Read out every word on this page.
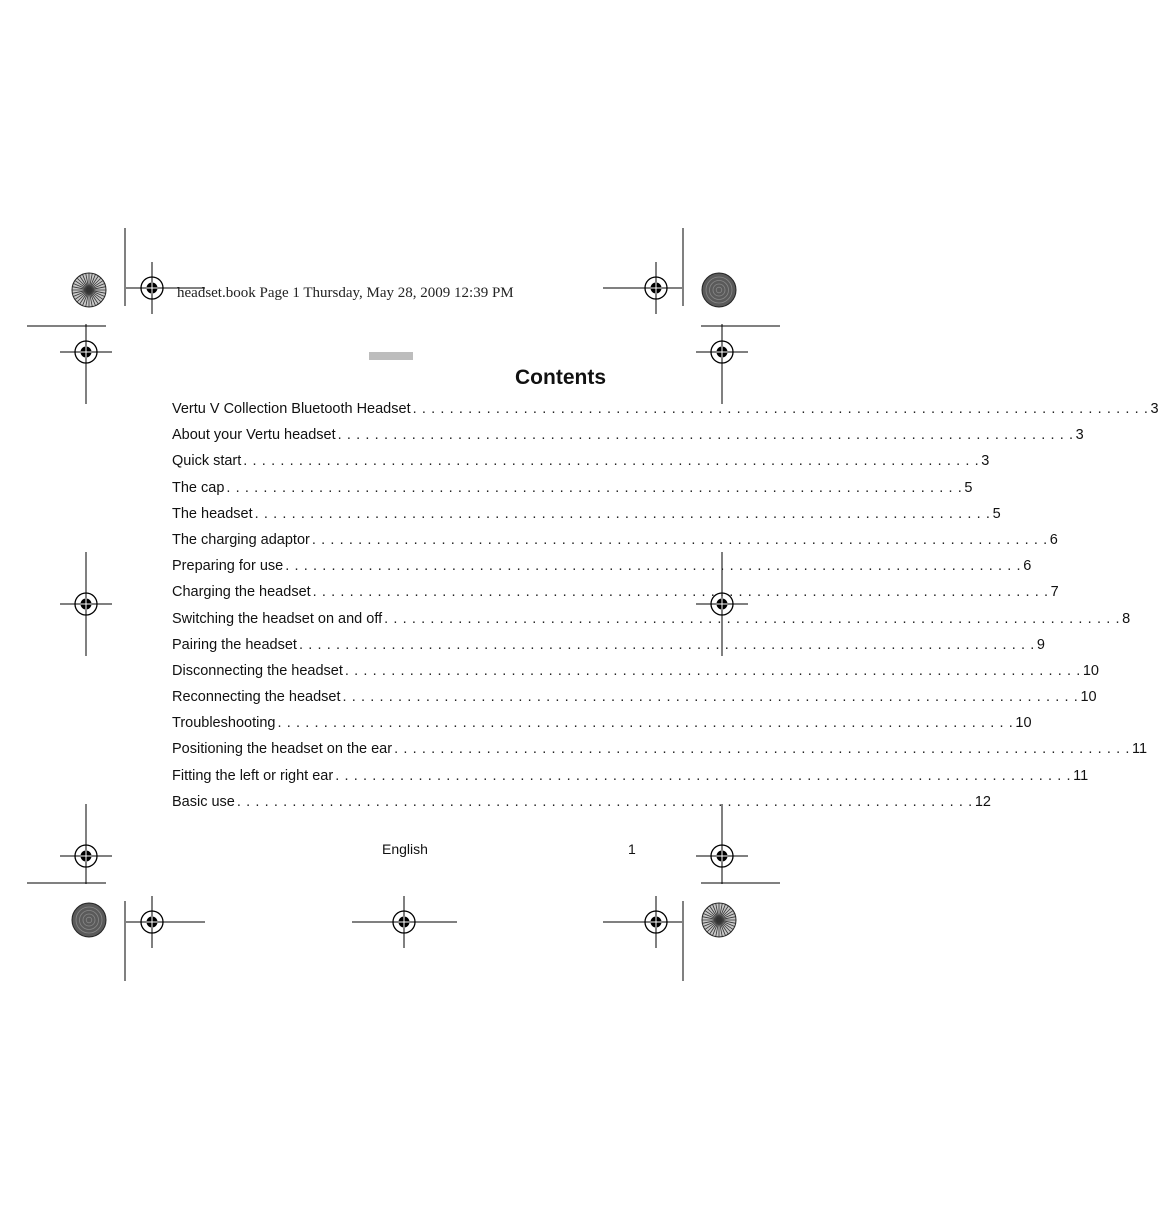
headset.book Page 1 Thursday, May 28, 2009 12:39 PM
Contents
Vertu V Collection Bluetooth Headset . . . . . . . . . . . . . . . . . . . . . . . . . . . . . . . . . . . . . . . . . . . . . . . . . . . . . . . . . . . . . . . . . . . . . . . . . . . . . . . . 3
About your Vertu headset . . . . . . . . . . . . . . . . . . . . . . . . . . . . . . . . . . . . . . . . . . . . . . . . . . . . . . . . . . . . . . . . . . . . . . . . . . . . . . . . 3
Quick start . . . . . . . . . . . . . . . . . . . . . . . . . . . . . . . . . . . . . . . . . . . . . . . . . . . . . . . . . . . . . . . . . . . . . . . . . . . . . . . . 3
The cap . . . . . . . . . . . . . . . . . . . . . . . . . . . . . . . . . . . . . . . . . . . . . . . . . . . . . . . . . . . . . . . . . . . . . . . . . . . . . . . . 5
The headset . . . . . . . . . . . . . . . . . . . . . . . . . . . . . . . . . . . . . . . . . . . . . . . . . . . . . . . . . . . . . . . . . . . . . . . . . . . . . . . . 5
The charging adaptor . . . . . . . . . . . . . . . . . . . . . . . . . . . . . . . . . . . . . . . . . . . . . . . . . . . . . . . . . . . . . . . . . . . . . . . . . . . . . . . . 6
Preparing for use . . . . . . . . . . . . . . . . . . . . . . . . . . . . . . . . . . . . . . . . . . . . . . . . . . . . . . . . . . . . . . . . . . . . . . . . . . . . . . . . 6
Charging the headset . . . . . . . . . . . . . . . . . . . . . . . . . . . . . . . . . . . . . . . . . . . . . . . . . . . . . . . . . . . . . . . . . . . . . . . . . . . . . . . . 7
Switching the headset on and off . . . . . . . . . . . . . . . . . . . . . . . . . . . . . . . . . . . . . . . . . . . . . . . . . . . . . . . . . . . . . . . . . . . . . . . . . . . . . . . . 8
Pairing the headset . . . . . . . . . . . . . . . . . . . . . . . . . . . . . . . . . . . . . . . . . . . . . . . . . . . . . . . . . . . . . . . . . . . . . . . . . . . . . . . . 9
Disconnecting the headset . . . . . . . . . . . . . . . . . . . . . . . . . . . . . . . . . . . . . . . . . . . . . . . . . . . . . . . . . . . . . . . . . . . . . . . . . . . . . . . . 10
Reconnecting the headset . . . . . . . . . . . . . . . . . . . . . . . . . . . . . . . . . . . . . . . . . . . . . . . . . . . . . . . . . . . . . . . . . . . . . . . . . . . . . . . . 10
Troubleshooting . . . . . . . . . . . . . . . . . . . . . . . . . . . . . . . . . . . . . . . . . . . . . . . . . . . . . . . . . . . . . . . . . . . . . . . . . . . . . . . . 10
Positioning the headset on the ear . . . . . . . . . . . . . . . . . . . . . . . . . . . . . . . . . . . . . . . . . . . . . . . . . . . . . . . . . . . . . . . . . . . . . . . . . . . . . . . . 11
Fitting the left or right ear . . . . . . . . . . . . . . . . . . . . . . . . . . . . . . . . . . . . . . . . . . . . . . . . . . . . . . . . . . . . . . . . . . . . . . . . . . . . . . . . 11
Basic use . . . . . . . . . . . . . . . . . . . . . . . . . . . . . . . . . . . . . . . . . . . . . . . . . . . . . . . . . . . . . . . . . . . . . . . . . . . . . . . . 12
English	1
